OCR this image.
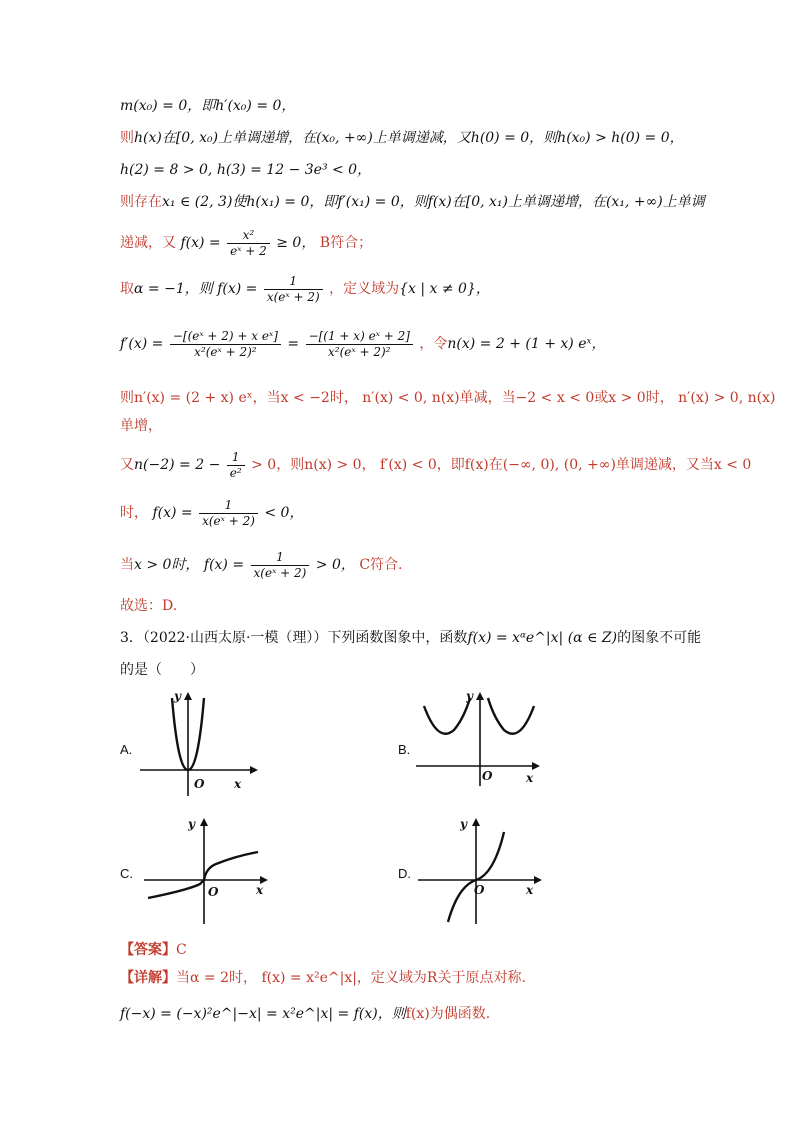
m(x₀) = 0，即h′(x₀) = 0，
则h(x)在[0, x₀)上单调递增，在(x₀, +∞)上单调递减，又h(0) = 0，则h(x₀) > h(0) = 0，
h(2) = 8 > 0, h(3) = 12 − 3e³ < 0，
则存在x₁ ∈ (2, 3)使h(x₁) = 0，即f′(x₁) = 0，则f(x)在[0, x₁)上单调递增，在(x₁, +∞)上单调
递减，又 $f(x) = \frac{\text{x²}}{\text{eˣ + 2}} \ge 0$， B符合；
取α = −1，则 $f(x) = \frac{1}{\text{x(eˣ + 2)}}$ ，定义域为{x | x ≠ 0}，
$f'(x) = \frac{\text{−[(eˣ + 2) + x eˣ]}}{\text{x²(eˣ + 2)²}} = \frac{\text{−[(1 + x) eˣ + 2]}}{\text{x²(eˣ + 2)²}}$ ，令n(x) = 2 + (1 + x) eˣ，
则n′(x) = (2 + x) eˣ，当x < −2时， n′(x) < 0, n(x)单减，当−2 < x < 0或x > 0时， n′(x) > 0, n(x)
单增，
又$n(-2) = 2 - \frac{1}{\text{e²}} > 0$，则n(x) > 0， f′(x) < 0，即f(x)在(−∞, 0), (0, +∞)单调递减，又当x < 0
时， $f(x) = \frac{1}{\text{x(eˣ + 2)}} < 0$，
当x > 0时， $f(x) = \frac{1}{\text{x(eˣ + 2)}} > 0$， C符合.
故选：D.
3．（2022·山西太原·一模（理））下列函数图象中，函数f(x) = xᵅe^|x| (α ∈ Z)的图象不可能
的是（　　）
A.
y
x
O
B.
y
x
O
C.
y
x
O
D.
y
x
O
【答案】C
【详解】当α = 2时， f(x) = x²e^|x|，定义域为R关于原点对称.
f(−x) = (−x)²e^|−x| = x²e^|x| = f(x)，则f(x)为偶函数.
